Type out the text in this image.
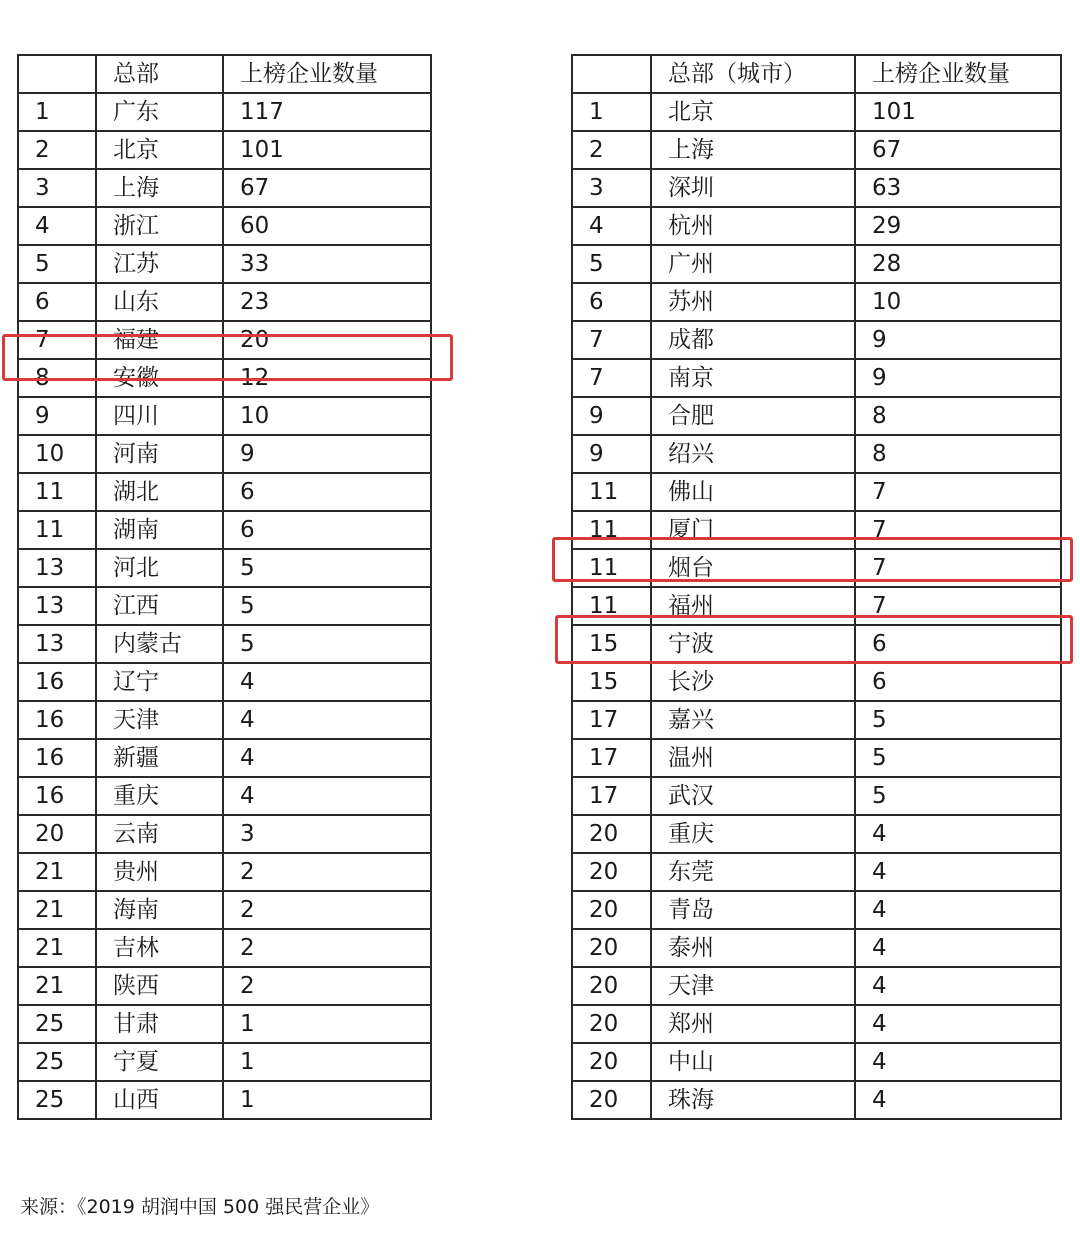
	总部	上榜企业数量
1	广东	117
2	北京	101
3	上海	67
4	浙江	60
5	江苏	33
6	山东	23
7	福建	20
8	安徽	12
9	四川	10
10	河南	9
11	湖北	6
11	湖南	6
13	河北	5
13	江西	5
13	内蒙古	5
16	辽宁	4
16	天津	4
16	新疆	4
16	重庆	4
20	云南	3
21	贵州	2
21	海南	2
21	吉林	2
21	陕西	2
25	甘肃	1
25	宁夏	1
25	山西	1
	总部（城市）	上榜企业数量
1	北京	101
2	上海	67
3	深圳	63
4	杭州	29
5	广州	28
6	苏州	10
7	成都	9
7	南京	9
9	合肥	8
9	绍兴	8
11	佛山	7
11	厦门	7
11	烟台	7
11	福州	7
15	宁波	6
15	长沙	6
17	嘉兴	5
17	温州	5
17	武汉	5
20	重庆	4
20	东莞	4
20	青岛	4
20	泰州	4
20	天津	4
20	郑州	4
20	中山	4
20	珠海	4
来源：《2019 胡润中国 500 强民营企业》
